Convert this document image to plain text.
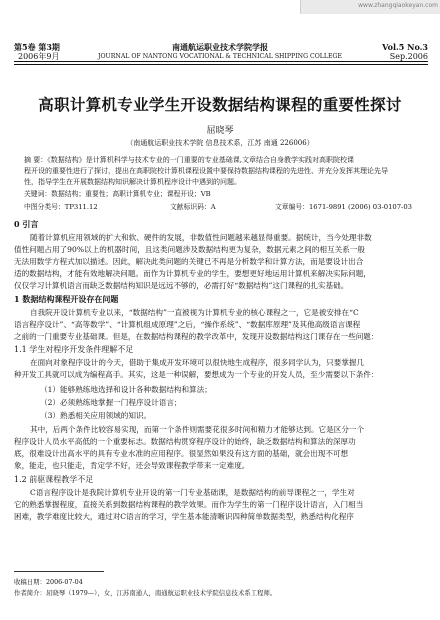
www.zhangqiaokeyan.com
第5卷 第3期
2006年9月
南通航运职业技术学院学报
JOURNAL OF NANTONG VOCATIONAL & TECHNICAL SHIPPING COLLEGE
Vol.5 No.3
Sep.2006
高职计算机专业学生开设数据结构课程的重要性探讨
屈晓琴
（南通航运职业技术学院 信息技术系，江苏 南通 226006）
摘 要：《数据结构》是计算机科学与技术专业的一门重要的专业基础课,文章结合自身教学实践对高职院校课
程开设的重要性进行了探讨，提出在高职院校计算机课程设置中要保持数据结构课程的先进性、并充分发挥其理论先导
性，指导学生在开展数据结构知识解决计算机程序设计中遇到的问题。
关键词：数据结构；重要性；高职计算机专业；课程开设；VB
中图分类号：TP311.12	文献标识码：A	文章编号：1671-9891 (2006) 03-0107-03
0 引言
随着计算机应用领域的扩大和软、硬件的发展，非数值性问题越来越显得重要。据统计，当今处理非数
值性问题占用了90%以上的机器时间，且这类问题涉及数据结构更为复杂，数据元素之间的相互关系一般
无法用数学方程式加以描述。因此，解决此类问题的关键已不再是分析数学和计算方法，而是要设计出合
适的数据结构，才能有效地解决问题。而作为计算机专业的学生，要想更好地运用计算机来解决实际问题，
仅仅学习计算机语言而缺乏数据结构知识是远远不够的，必需打好“数据结构”这门课程的扎实基础。
1 数据结构课程开设存在问题
自我院开设计算机专业以来，“数据结构”一直被视为计算机专业的核心课程之一，它是被安排在“C
语言程序设计”、“高等数学”、“计算机组成原理”之后，“操作系统”、“数据库原理”及其他高级语言课程
之前的一门重要专业基础课。但是，在数据结构课程的教学改革中，发现开设数据结构这门课存在一些问题：
1.1 学生对程序开发条件理解不足
在面向对象程序设计的今天，借助于集成开发环境可以很快地生成程序，很多同学认为，只要掌握几
种开发工具就可以成为编程高手。其实，这是一种误解，要想成为一个专业的开发人员，至少需要以下条件：
（1）能够熟练地选择和设计各种数据结构和算法；
（2）必须熟练地掌握一门程序设计语言；
（3）熟悉相关应用领域的知识。
其中，后两个条件比较容易实现，而第一个条件则需要花很多时间和精力才能够达到。它是区分一个
程序设计人员水平高低的一个重要标志。数据结构贯穿程序设计的始终，缺乏数据结构和算法的深厚功
底，很难设计出高水平的具有专业水准的应用程序。很显然如果没有这方面的基础，就会出现不可想
象，能走，也只能走，肯定学不好，还会导致课程教学带来一定难度。
1.2 前驱课程教学不足
C语言程序设计是我院计算机专业开设的第一门专业基础课，是数据结构的前导课程之一，学生对
它的熟悉掌握程度，直接关系到数据结构课程的教学效果。而作为学生的第一门程序设计语言，入门相当
困难，教学难度比较大，通过对C语言的学习，学生基本能清晰识四种简单数据类型，熟悉结构化程序
收稿日期：2006-07-04
作者简介：屈晓琴（1979—），女，江苏南通人，南通航运职业技术学院信息技术系工程师。
